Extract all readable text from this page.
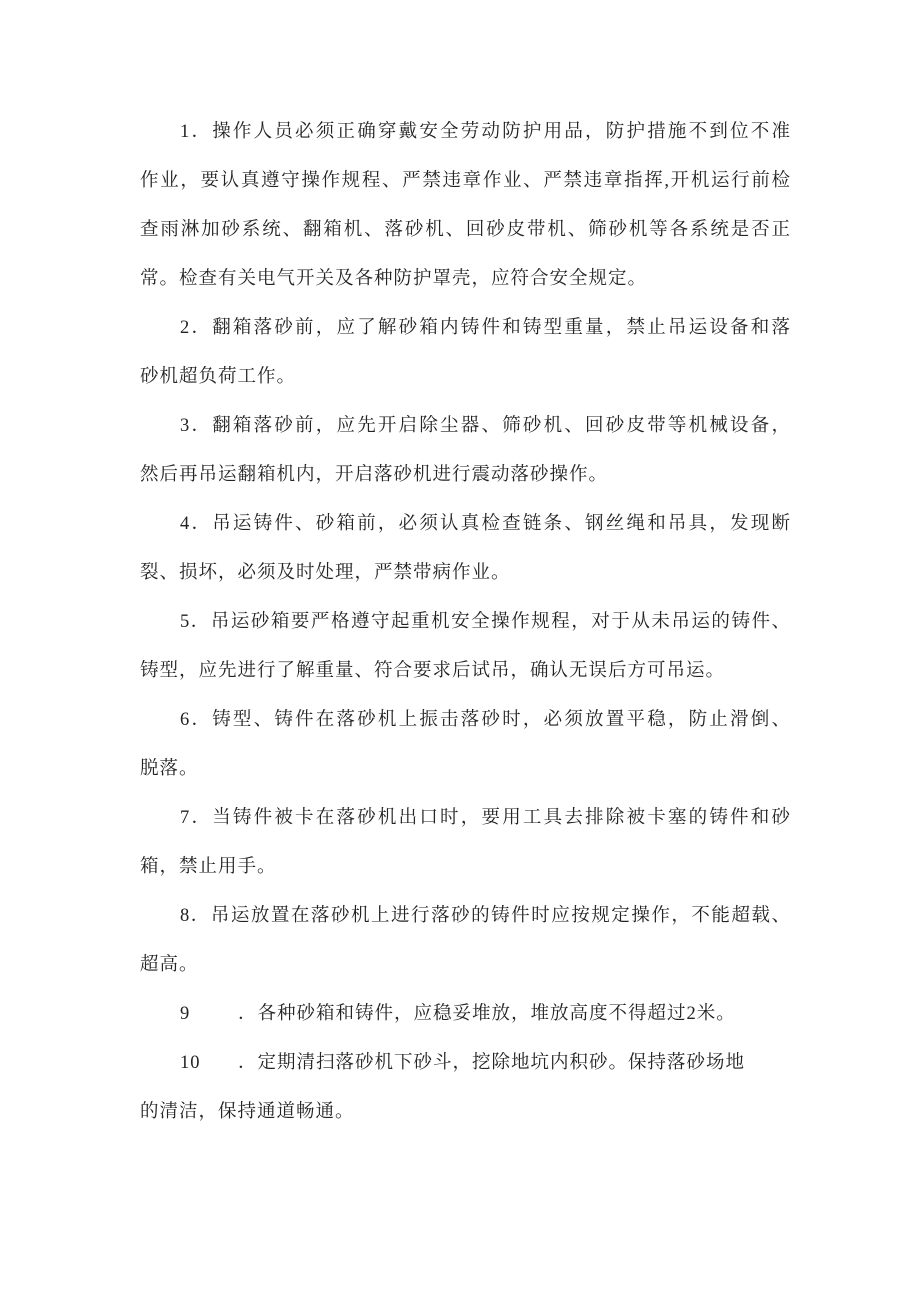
1．操作人员必须正确穿戴安全劳动防护用品，防护措施不到位不准
作业，要认真遵守操作规程、严禁违章作业、严禁违章指挥,开机运行前检
查雨淋加砂系统、翻箱机、落砂机、回砂皮带机、筛砂机等各系统是否正
常。检查有关电气开关及各种防护罩壳，应符合安全规定。
2．翻箱落砂前，应了解砂箱内铸件和铸型重量，禁止吊运设备和落
砂机超负荷工作。
3．翻箱落砂前，应先开启除尘器、筛砂机、回砂皮带等机械设备，
然后再吊运翻箱机内，开启落砂机进行震动落砂操作。
4．吊运铸件、砂箱前，必须认真检查链条、钢丝绳和吊具，发现断
裂、损坏，必须及时处理，严禁带病作业。
5．吊运砂箱要严格遵守起重机安全操作规程，对于从未吊运的铸件、
铸型，应先进行了解重量、符合要求后试吊，确认无误后方可吊运。
6．铸型、铸件在落砂机上振击落砂时，必须放置平稳，防止滑倒、
脱落。
7．当铸件被卡在落砂机出口时，要用工具去排除被卡塞的铸件和砂
箱，禁止用手。
8．吊运放置在落砂机上进行落砂的铸件时应按规定操作，不能超载、
超高。
9	．各种砂箱和铸件，应稳妥堆放，堆放高度不得超过2米。
10 ．定期清扫落砂机下砂斗，挖除地坑内积砂。保持落砂场地
的清洁，保持通道畅通。
